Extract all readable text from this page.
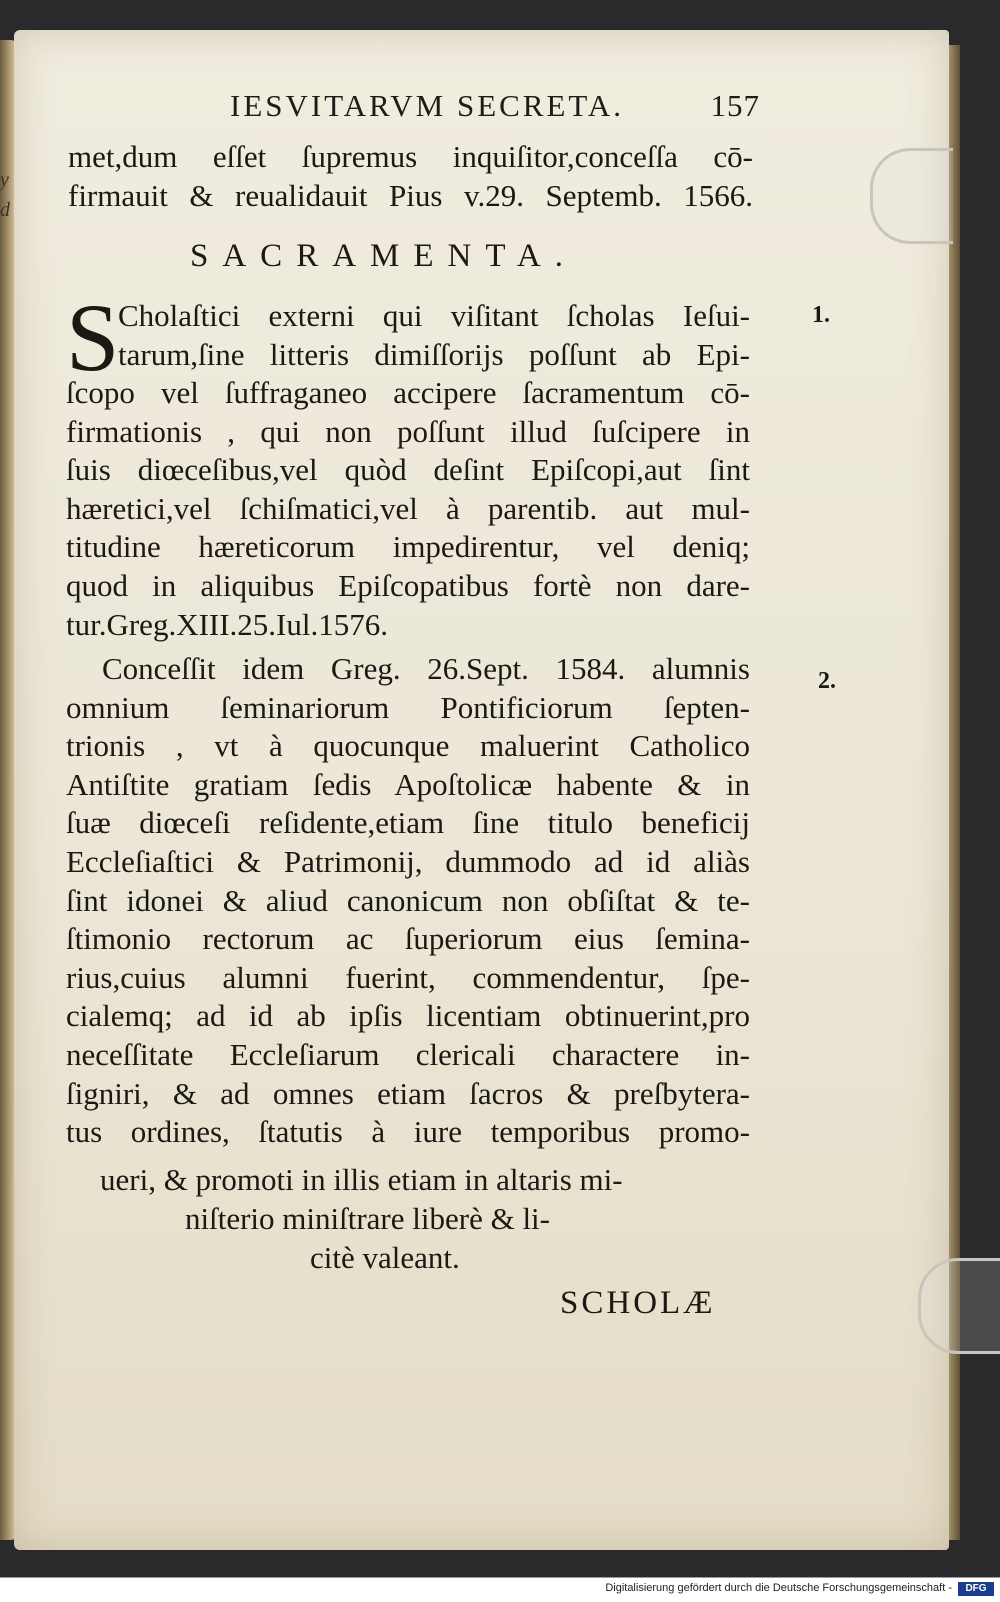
y
d
IESVITARVM SECRETA.	157
met,dum eſſet ſupremus inquiſitor,conceſſa cō-
firmauit & reualidauit Pius v.29. Septemb. 1566.
SACRAMENTA.
S
Cholaſtici externi qui viſitant ſcholas Ieſui-
tarum,ſine litteris dimiſſorijs poſſunt ab Epi-
ſcopo vel ſuffraganeo accipere ſacramentum cō-
firmationis , qui non poſſunt illud ſuſcipere in
ſuis diœceſibus,vel quòd deſint Epiſcopi,aut ſint
hæretici,vel ſchiſmatici,vel à parentib. aut mul-
titudine hæreticorum impedirentur, vel deniq;
quod in aliquibus Epiſcopatibus fortè non dare-
tur.Greg.XIII.25.Iul.1576.
Conceſſit idem Greg. 26.Sept. 1584. alumnis
omnium ſeminariorum Pontificiorum ſepten-
trionis , vt à quocunque maluerint Catholico
Antiſtite gratiam ſedis Apoſtolicæ habente & in
ſuæ diœceſi reſidente,etiam ſine titulo beneficij
Eccleſiaſtici & Patrimonij, dummodo ad id aliàs
ſint idonei & aliud canonicum non obſiſtat & te-
ſtimonio rectorum ac ſuperiorum eius ſemina-
rius,cuius alumni fuerint, commendentur, ſpe-
cialemq; ad id ab ipſis licentiam obtinuerint,pro
neceſſitate Eccleſiarum clericali charactere in-
ſigniri, & ad omnes etiam ſacros & preſbytera-
tus ordines, ſtatutis à iure temporibus promo-
ueri, & promoti in illis etiam in altaris mi-
niſterio miniſtrare liberè & li-
citè valeant.
SCHOLÆ
1.
2.
Digitalisierung gefördert durch die Deutsche Forschungsgemeinschaft -	DFG
